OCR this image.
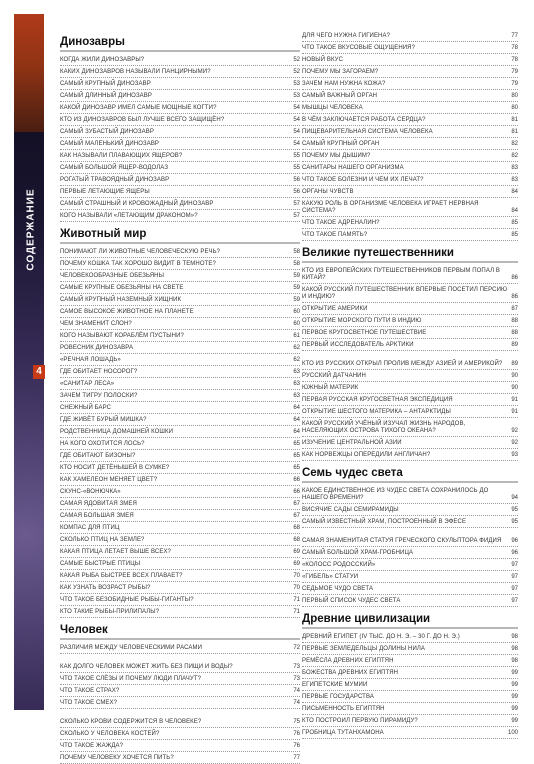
СОДЕРЖАНИЕ
4
Динозавры
КОГДА ЖИЛИ ДИНОЗАВРЫ?	52
КАКИХ ДИНОЗАВРОВ НАЗЫВАЛИ ПАНЦИРНЫМИ?	52
САМЫЙ КРУПНЫЙ ДИНОЗАВР	53
САМЫЙ ДЛИННЫЙ ДИНОЗАВР	53
КАКОЙ ДИНОЗАВР ИМЕЛ САМЫЕ МОЩНЫЕ КОГТИ?	54
КТО ИЗ ДИНОЗАВРОВ БЫЛ ЛУЧШЕ ВСЕГО ЗАЩИЩЁН?	54
САМЫЙ ЗУБАСТЫЙ ДИНОЗАВР	54
САМЫЙ МАЛЕНЬКИЙ ДИНОЗАВР	54
КАК НАЗЫВАЛИ ПЛАВАЮЩИХ ЯЩЕРОВ?	55
САМЫЙ БОЛЬШОЙ ЯЩЕР-ВОДОЛАЗ	55
РОГАТЫЙ ТРАВОЯДНЫЙ ДИНОЗАВР	56
ПЕРВЫЕ ЛЕТАЮЩИЕ ЯЩЕРЫ	56
САМЫЙ СТРАШНЫЙ И КРОВОЖАДНЫЙ ДИНОЗАВР	57
КОГО НАЗЫВАЛИ «ЛЕТАЮЩИМ ДРАКОНОМ»?	57
Животный мир
ПОНИМАЮТ ЛИ ЖИВОТНЫЕ ЧЕЛОВЕЧЕСКУЮ РЕЧЬ?	58
ПОЧЕМУ КОШКА ТАК ХОРОШО ВИДИТ В ТЕМНОТЕ?	58
ЧЕЛОВЕКООБРАЗНЫЕ ОБЕЗЬЯНЫ	59
САМЫЕ КРУПНЫЕ ОБЕЗЬЯНЫ НА СВЕТЕ	59
САМЫЙ КРУПНЫЙ НАЗЕМНЫЙ ХИЩНИК	59
САМОЕ ВЫСОКОЕ ЖИВОТНОЕ НА ПЛАНЕТЕ	60
ЧЕМ ЗНАМЕНИТ СЛОН?	60
КОГО НАЗЫВАЮТ КОРАБЛЁМ ПУСТЫНИ?	61
РОВЕСНИК ДИНОЗАВРА	62
«РЕЧНАЯ ЛОШАДЬ»	62
ГДЕ ОБИТАЕТ НОСОРОГ?	63
«САНИТАР ЛЕСА»	63
ЗАЧЕМ ТИГРУ ПОЛОСКИ?	63
СНЕЖНЫЙ БАРС	64
ГДЕ ЖИВЁТ БУРЫЙ МИШКА?	64
РОДСТВЕННИЦА ДОМАШНЕЙ КОШКИ	64
НА КОГО ОХОТИТСЯ ЛОСЬ?	65
ГДЕ ОБИТАЮТ БИЗОНЫ?	65
КТО НОСИТ ДЕТЁНЫШЕЙ В СУМКЕ?	65
КАК ХАМЕЛЕОН МЕНЯЕТ ЦВЕТ?	66
СКУНС-«ВОНЮЧКА»	66
САМАЯ ЯДОВИТАЯ ЗМЕЯ	67
САМАЯ БОЛЬШАЯ ЗМЕЯ	67
КОМПАС ДЛЯ ПТИЦ	68
СКОЛЬКО ПТИЦ НА ЗЕМЛЕ?	68
КАКАЯ ПТИЦА ЛЕТАЕТ ВЫШЕ ВСЕХ?	69
САМЫЕ БЫСТРЫЕ ПТИЦЫ	69
КАКАЯ РЫБА БЫСТРЕЕ ВСЕХ ПЛАВАЕТ?	70
КАК УЗНАТЬ ВОЗРАСТ РЫБЫ?	70
ЧТО ТАКОЕ БЕЗОБИДНЫЕ РЫБЫ-ГИГАНТЫ?	71
КТО ТАКИЕ РЫБЫ-ПРИЛИПАЛЫ?	71
Человек
РАЗЛИЧИЯ МЕЖДУ ЧЕЛОВЕЧЕСКИМИ РАСАМИ	72
КАК ДОЛГО ЧЕЛОВЕК МОЖЕТ ЖИТЬ БЕЗ ПИЩИ И ВОДЫ?	73
ЧТО ТАКОЕ СЛЁЗЫ И ПОЧЕМУ ЛЮДИ ПЛАЧУТ?	73
ЧТО ТАКОЕ СТРАХ?	74
ЧТО ТАКОЕ СМЕХ?	74
СКОЛЬКО КРОВИ СОДЕРЖИТСЯ В ЧЕЛОВЕКЕ?	75
СКОЛЬКО У ЧЕЛОВЕКА КОСТЕЙ?	76
ЧТО ТАКОЕ ЖАЖДА?	76
ПОЧЕМУ ЧЕЛОВЕКУ ХОЧЕТСЯ ПИТЬ?	77
ДЛЯ ЧЕГО НУЖНА ГИГИЕНА?	77
ЧТО ТАКОЕ ВКУСОВЫЕ ОЩУЩЕНИЯ?	78
НОВЫЙ ВКУС	78
ПОЧЕМУ МЫ ЗАГОРАЕМ?	79
ЗАЧЕМ НАМ НУЖНА КОЖА?	79
САМЫЙ ВАЖНЫЙ ОРГАН	80
МЫШЦЫ ЧЕЛОВЕКА	80
В ЧЁМ ЗАКЛЮЧАЕТСЯ РАБОТА СЕРДЦА?	81
ПИЩЕВАРИТЕЛЬНАЯ СИСТЕМА ЧЕЛОВЕКА	81
САМЫЙ КРУПНЫЙ ОРГАН	82
ПОЧЕМУ МЫ ДЫШИМ?	82
САНИТАРЫ НАШЕГО ОРГАНИЗМА	83
ЧТО ТАКОЕ БОЛЕЗНИ И ЧЕМ ИХ ЛЕЧАТ?	83
ОРГАНЫ ЧУВСТВ	84
КАКУЮ РОЛЬ В ОРГАНИЗМЕ ЧЕЛОВЕКА ИГРАЕТ НЕРВНАЯ СИСТЕМА?	84
ЧТО ТАКОЕ АДРЕНАЛИН?	85
ЧТО ТАКОЕ ПАМЯТЬ?	85
Великие путешественники
КТО ИЗ ЕВРОПЕЙСКИХ ПУТЕШЕСТВЕННИКОВ ПЕРВЫМ ПОПАЛ В КИТАЙ?	86
КАКОЙ РУССКИЙ ПУТЕШЕСТВЕННИК ВПЕРВЫЕ ПОСЕТИЛ ПЕРСИЮ И ИНДИЮ?	86
ОТКРЫТИЕ АМЕРИКИ	87
ОТКРЫТИЕ МОРСКОГО ПУТИ В ИНДИЮ	88
ПЕРВОЕ КРУГОСВЕТНОЕ ПУТЕШЕСТВИЕ	88
ПЕРВЫЙ ИССЛЕДОВАТЕЛЬ АРКТИКИ	89
КТО ИЗ РУССКИХ ОТКРЫЛ ПРОЛИВ МЕЖДУ АЗИЕЙ И АМЕРИКОЙ?	89
РУССКИЙ ДАТЧАНИН	90
ЮЖНЫЙ МАТЕРИК	90
ПЕРВАЯ РУССКАЯ КРУГОСВЕТНАЯ ЭКСПЕДИЦИЯ	91
ОТКРЫТИЕ ШЕСТОГО МАТЕРИКА – АНТАРКТИДЫ	91
КАКОЙ РУССКИЙ УЧЁНЫЙ ИЗУЧАЛ ЖИЗНЬ НАРОДОВ, НАСЕЛЯЮЩИХ ОСТРОВА ТИХОГО ОКЕАНА?	92
ИЗУЧЕНИЕ ЦЕНТРАЛЬНОЙ АЗИИ	92
КАК НОРВЕЖЦЫ ОПЕРЕДИЛИ АНГЛИЧАН?	93
Семь чудес света
КАКОЕ ЕДИНСТВЕННОЕ ИЗ ЧУДЕС СВЕТА СОХРАНИЛОСЬ ДО НАШЕГО ВРЕМЕНИ?	94
ВИСЯЧИЕ САДЫ СЕМИРАМИДЫ	95
САМЫЙ ИЗВЕСТНЫЙ ХРАМ, ПОСТРОЕННЫЙ В ЭФЕСЕ	95
САМАЯ ЗНАМЕНИТАЯ СТАТУЯ ГРЕЧЕСКОГО СКУЛЬПТОРА ФИДИЯ	96
САМЫЙ БОЛЬШОЙ ХРАМ-ГРОБНИЦА	96
«КОЛОСС РОДОССКИЙ»	97
«ГИБЕЛЬ» СТАТУИ	97
СЕДЬМОЕ ЧУДО СВЕТА	97
ПЕРВЫЙ СПИСОК ЧУДЕС СВЕТА	97
Древние цивилизации
ДРЕВНИЙ ЕГИПЕТ (IV ТЫС. ДО Н. Э. – 30 Г. ДО Н. Э.)	98
ПЕРВЫЕ ЗЕМЛЕДЕЛЬЦЫ ДОЛИНЫ НИЛА	98
РЕМЁСЛА ДРЕВНИХ ЕГИПТЯН	98
БОЖЕСТВА ДРЕВНИХ ЕГИПТЯН	99
ЕГИПЕТСКИЕ МУМИИ	99
ПЕРВЫЕ ГОСУДАРСТВА	99
ПИСЬМЕННОСТЬ ЕГИПТЯН	99
КТО ПОСТРОИЛ ПЕРВУЮ ПИРАМИДУ?	99
ГРОБНИЦА ТУТАНХАМОНА	100
